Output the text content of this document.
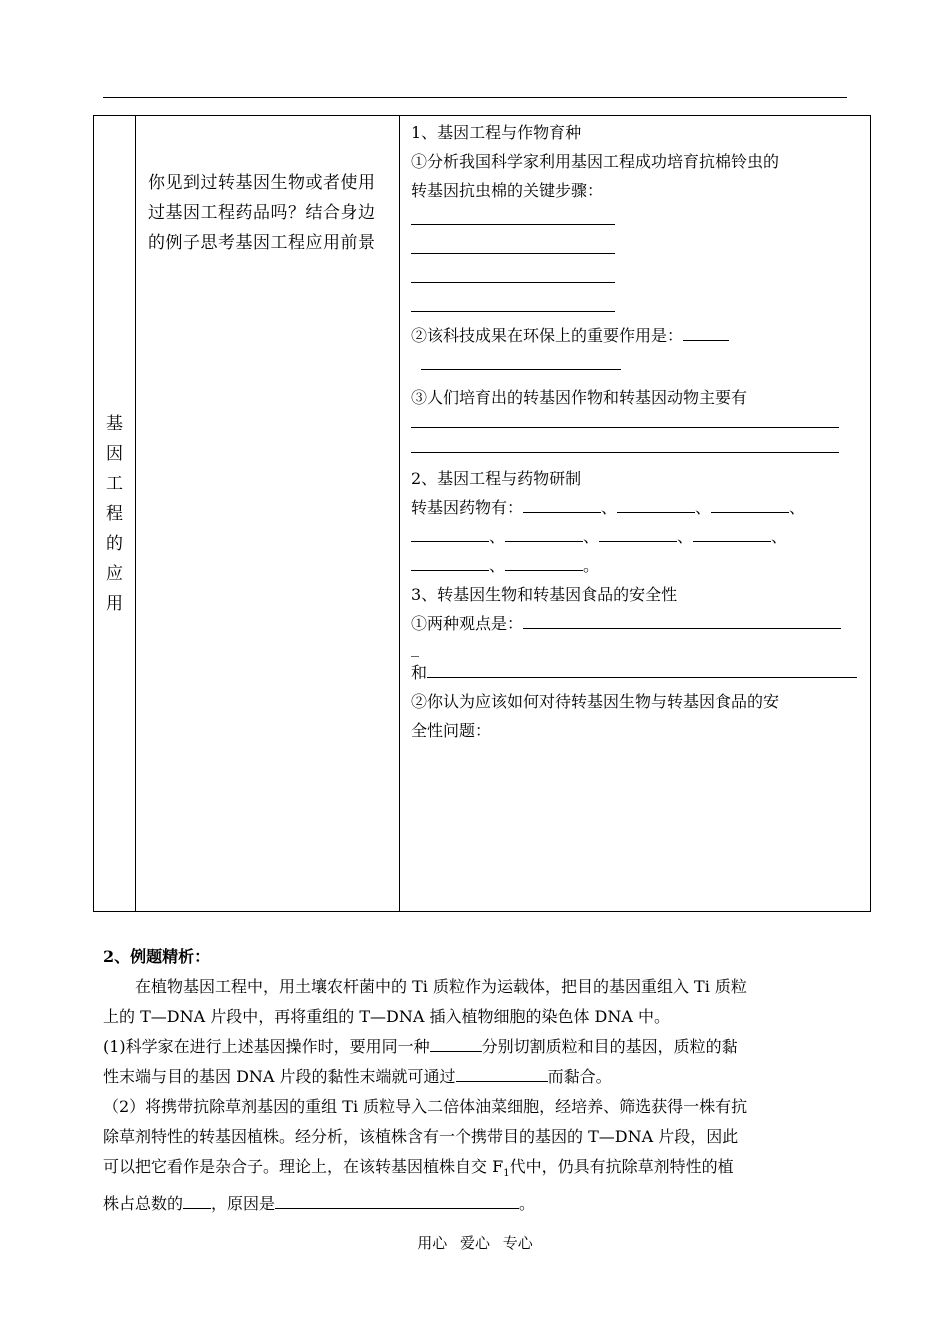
基
因
工
程
的
应
用	
你见到过转基因生物或者使用过基因工程药品吗？结合身边的例子思考基因工程应用前景

1、基因工程与作物育种
①分析我国科学家利用基因工程成功培育抗棉铃虫的
转基因抗虫棉的关键步骤：
②该科技成果在环保上的重要作用是：
③人们培育出的转基因作物和转基因动物主要有
2、基因工程与药物研制
转基因药物有：	、	、	、
、	、	、	、
、	。
3、转基因生物和转基因食品的安全性
①两种观点是：
_
和
②你认为应该如何对待转基因生物与转基因食品的安
全性问题：

2、例题精析：

在植物基因工程中，用土壤农杆菌中的 Ti 质粒作为运载体，把目的基因重组入 Ti 质粒

上的 T—DNA 片段中，再将重组的 T—DNA 插入植物细胞的染色体 DNA 中。

(1)科学家在进行上述基因操作时，要用同一种	分别切割质粒和目的基因，质粒的黏

性末端与目的基因 DNA 片段的黏性末端就可通过	而黏合。

（2）将携带抗除草剂基因的重组 Ti 质粒导入二倍体油菜细胞，经培养、筛选获得一株有抗

除草剂特性的转基因植株。经分析，该植株含有一个携带目的基因的 T—DNA 片段，因此

可以把它看作是杂合子。理论上，在该转基因植株自交 $F_1$代中，仍具有抗除草剂特性的植

株占总数的 ，原因是	。

用心 爱心 专心
